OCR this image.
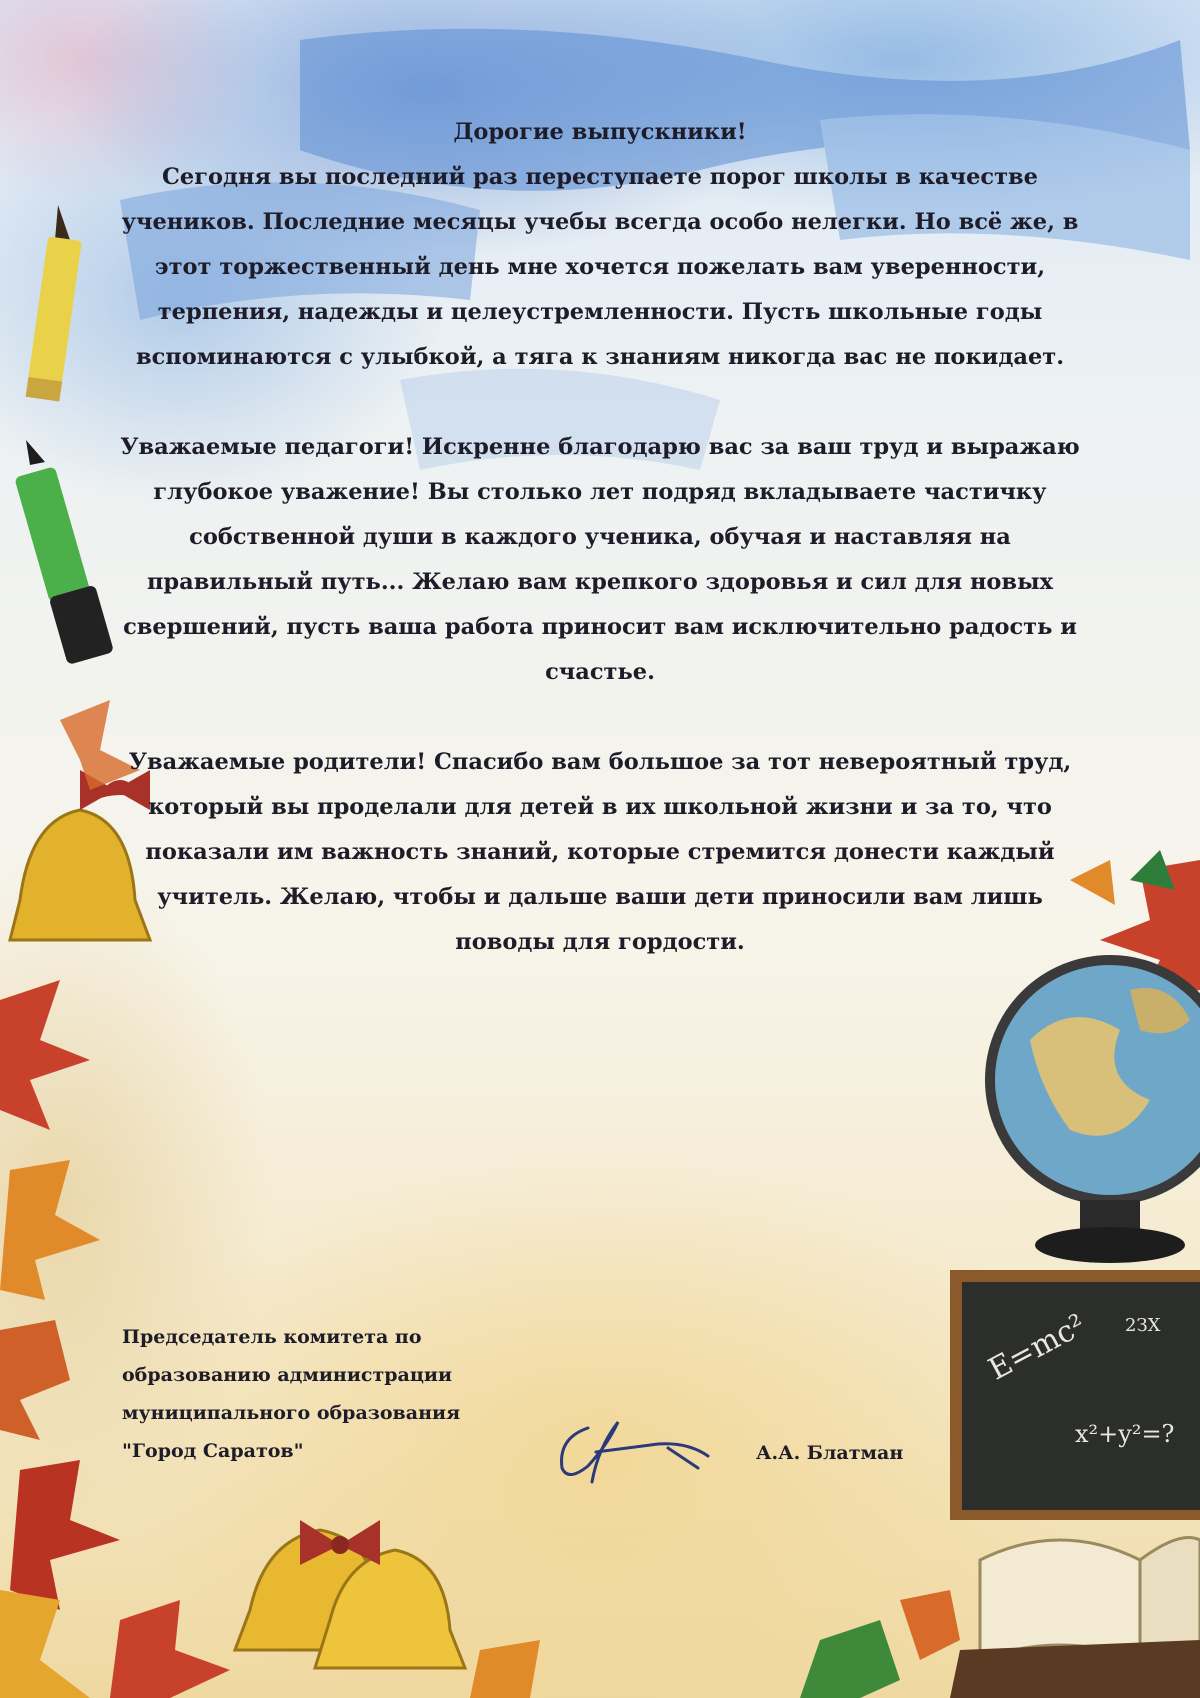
E=mc²
x²+y²=?
2ЗХ

Дорогие выпускники!

Сегодня вы последний раз переступаете порог школы в качестве учеников. Последние месяцы учебы всегда особо нелегки. Но всё же, в этот торжественный день мне хочется пожелать вам уверенности, терпения, надежды и целеустремленности. Пусть школьные годы вспоминаются с улыбкой, а тяга к знаниям никогда вас не покидает.

Уважаемые педагоги! Искренне благодарю вас за ваш труд и выражаю глубокое уважение! Вы столько лет подряд вкладываете частичку собственной души в каждого ученика, обучая и наставляя на правильный путь... Желаю вам крепкого здоровья и сил для новых свершений, пусть ваша работа приносит вам исключительно радость и счастье.

Уважаемые родители! Спасибо вам большое за тот невероятный труд, который вы проделали для детей в их школьной жизни и за то, что показали им важность знаний, которые стремится донести каждый учитель. Желаю, чтобы и дальше ваши дети приносили вам лишь поводы для гордости.

Председатель комитета по
образованию администрации
муниципального образования
"Город Саратов"	А.А. Блатман
